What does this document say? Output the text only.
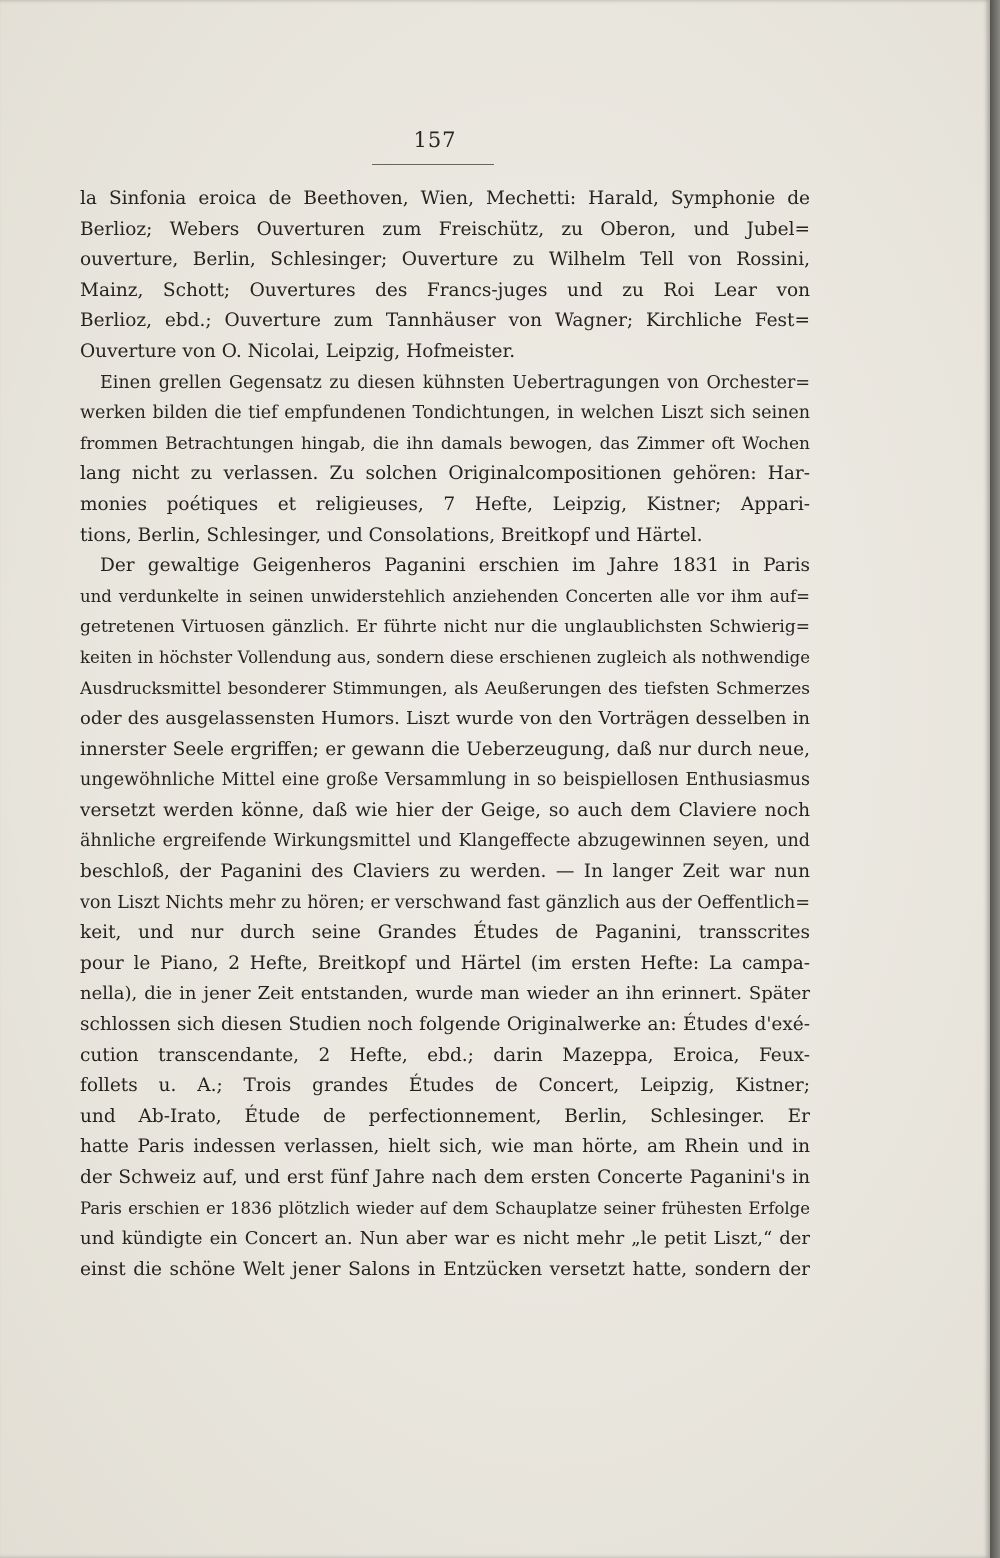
157
la Sinfonia eroica de Beethoven, Wien, Mechetti: Harald, Symphonie de
Berlioz; Webers Ouverturen zum Freischütz, zu Oberon, und Jubel=
ouverture, Berlin, Schlesinger; Ouverture zu Wilhelm Tell von Rossini,
Mainz, Schott; Ouvertures des Francs-juges und zu Roi Lear von
Berlioz, ebd.; Ouverture zum Tannhäuser von Wagner; Kirchliche Fest=
Ouverture von O. Nicolai, Leipzig, Hofmeister.
Einen grellen Gegensatz zu diesen kühnsten Uebertragungen von Orchester=
werken bilden die tief empfundenen Tondichtungen, in welchen Liszt sich seinen
frommen Betrachtungen hingab, die ihn damals bewogen, das Zimmer oft Wochen
lang nicht zu verlassen. Zu solchen Originalcompositionen gehören: Har-
monies poétiques et religieuses, 7 Hefte, Leipzig, Kistner; Appari-
tions, Berlin, Schlesinger, und Consolations, Breitkopf und Härtel.
Der gewaltige Geigenheros Paganini erschien im Jahre 1831 in Paris
und verdunkelte in seinen unwiderstehlich anziehenden Concerten alle vor ihm auf=
getretenen Virtuosen gänzlich. Er führte nicht nur die unglaublichsten Schwierig=
keiten in höchster Vollendung aus, sondern diese erschienen zugleich als nothwendige
Ausdrucksmittel besonderer Stimmungen, als Aeußerungen des tiefsten Schmerzes
oder des ausgelassensten Humors. Liszt wurde von den Vorträgen desselben in
innerster Seele ergriffen; er gewann die Ueberzeugung, daß nur durch neue,
ungewöhnliche Mittel eine große Versammlung in so beispiellosen Enthusiasmus
versetzt werden könne, daß wie hier der Geige, so auch dem Claviere noch
ähnliche ergreifende Wirkungsmittel und Klangeffecte abzugewinnen seyen, und
beschloß, der Paganini des Claviers zu werden. — In langer Zeit war nun
von Liszt Nichts mehr zu hören; er verschwand fast gänzlich aus der Oeffentlich=
keit, und nur durch seine Grandes Études de Paganini, transscrites
pour le Piano, 2 Hefte, Breitkopf und Härtel (im ersten Hefte: La campa-
nella), die in jener Zeit entstanden, wurde man wieder an ihn erinnert. Später
schlossen sich diesen Studien noch folgende Originalwerke an: Études d'exé-
cution transcendante, 2 Hefte, ebd.; darin Mazeppa, Eroica, Feux-
follets u. A.; Trois grandes Études de Concert, Leipzig, Kistner;
und Ab-Irato, Étude de perfectionnement, Berlin, Schlesinger. Er
hatte Paris indessen verlassen, hielt sich, wie man hörte, am Rhein und in
der Schweiz auf, und erst fünf Jahre nach dem ersten Concerte Paganini's in
Paris erschien er 1836 plötzlich wieder auf dem Schauplatze seiner frühesten Erfolge
und kündigte ein Concert an. Nun aber war es nicht mehr „le petit Liszt,“ der
einst die schöne Welt jener Salons in Entzücken versetzt hatte, sondern der
